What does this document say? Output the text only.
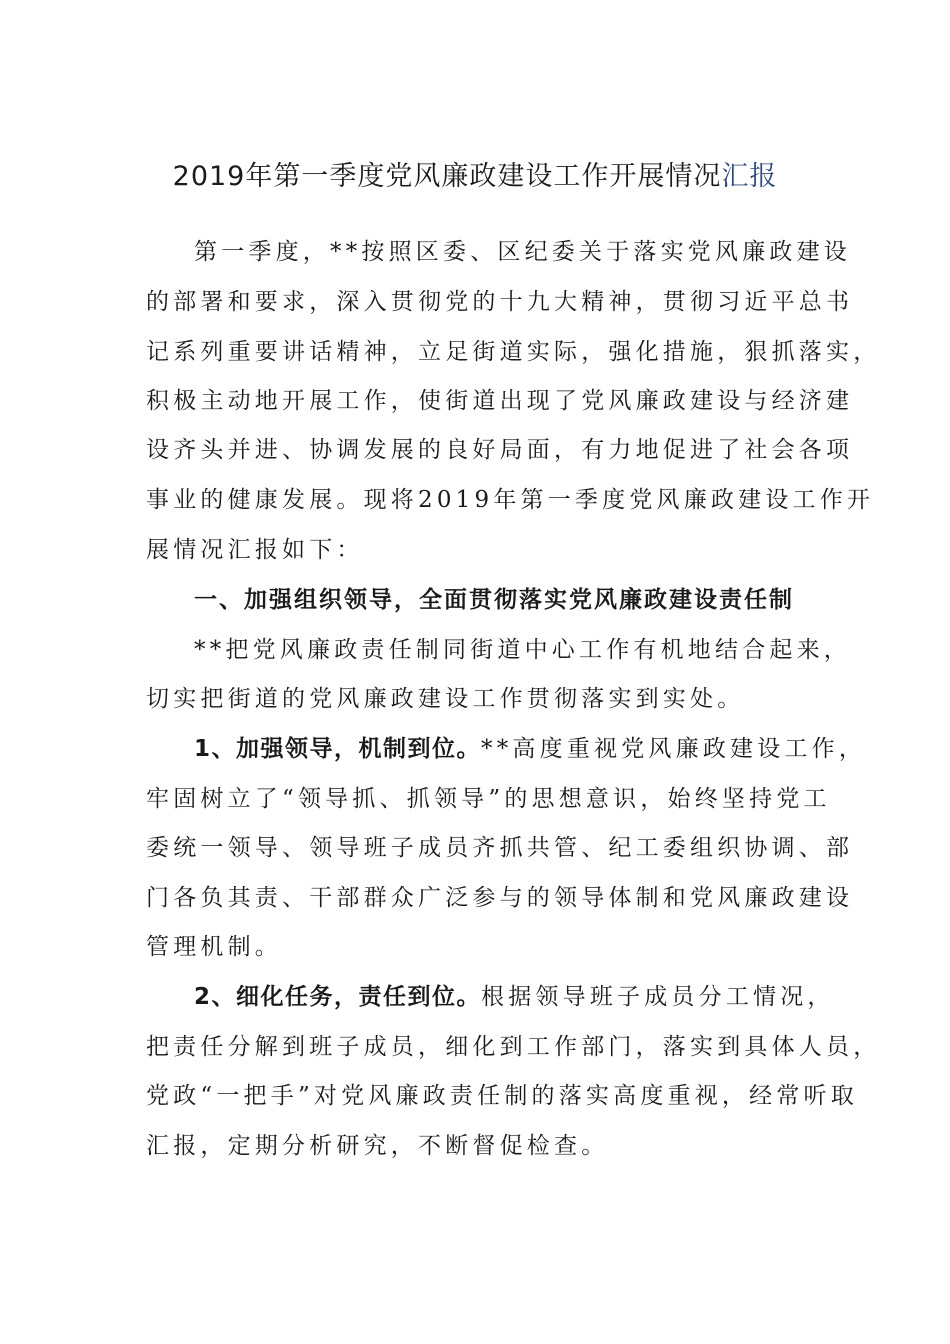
2019年第一季度党风廉政建设工作开展情况汇报
第一季度，**按照区委、区纪委关于落实党风廉政建设
的部署和要求，深入贯彻党的十九大精神，贯彻习近平总书
记系列重要讲话精神，立足街道实际，强化措施，狠抓落实，
积极主动地开展工作，使街道出现了党风廉政建设与经济建
设齐头并进、协调发展的良好局面，有力地促进了社会各项
事业的健康发展。现将2019年第一季度党风廉政建设工作开
展情况汇报如下：
一、加强组织领导，全面贯彻落实党风廉政建设责任制
**把党风廉政责任制同街道中心工作有机地结合起来，
切实把街道的党风廉政建设工作贯彻落实到实处。
1、加强领导，机制到位。**高度重视党风廉政建设工作，
牢固树立了“领导抓、抓领导”的思想意识，始终坚持党工
委统一领导、领导班子成员齐抓共管、纪工委组织协调、部
门各负其责、干部群众广泛参与的领导体制和党风廉政建设
管理机制。
2、细化任务，责任到位。根据领导班子成员分工情况，
把责任分解到班子成员，细化到工作部门，落实到具体人员，
党政“一把手”对党风廉政责任制的落实高度重视，经常听取
汇报，定期分析研究，不断督促检查。
